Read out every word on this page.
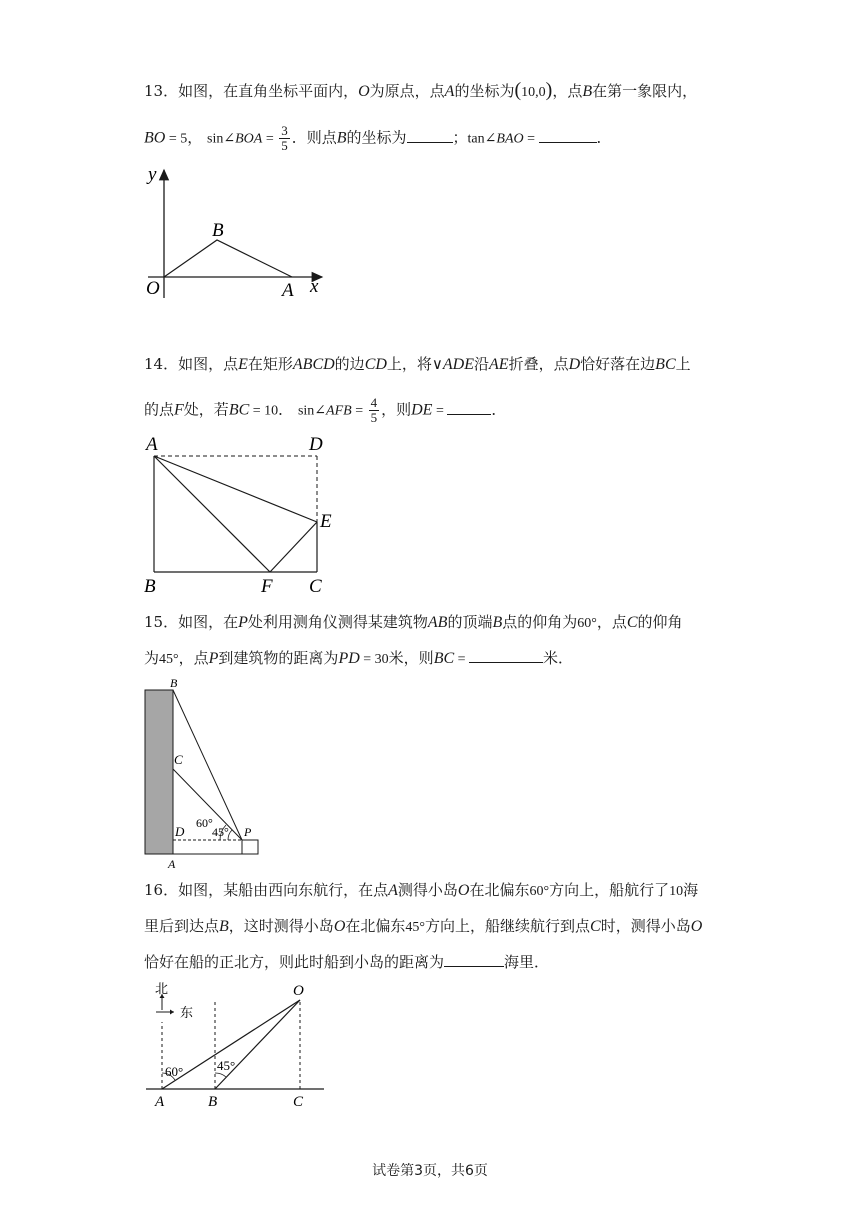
13．如图，在直角坐标平面内，O为原点，点A的坐标为(10,0)，点B在第一象限内，
BO = 5， sin∠BOA = $\frac{3}{5}$ ．则点B的坐标为	；tan∠BAO =	．
y
x
O	A
B
14．如图，点E在矩形ABCD的边CD上，将∨ADE沿AE折叠，点D恰好落在边BC上
的点F处，若BC = 10． sin∠AFB = $\frac{4}{5}$ ，则DE =	．
A	D
E
B	F C
15．如图，在P处利用测角仪测得某建筑物AB的顶端B点的仰角为60°，点C的仰角
为45°，点P到建筑物的距离为PD = 30米，则BC =	米．
B
C
D
A
P
60°
45°
16．如图，某船由西向东航行，在点A测得小岛O在北偏东60°方向上，船航行了10海
里后到达点B，这时测得小岛O在北偏东45°方向上，船继续航行到点C时，测得小岛O
恰好在船的正北方，则此时船到小岛的距离为	海里．
北
东
60°	45°
O
A	B	C
试卷第3页，共6页
